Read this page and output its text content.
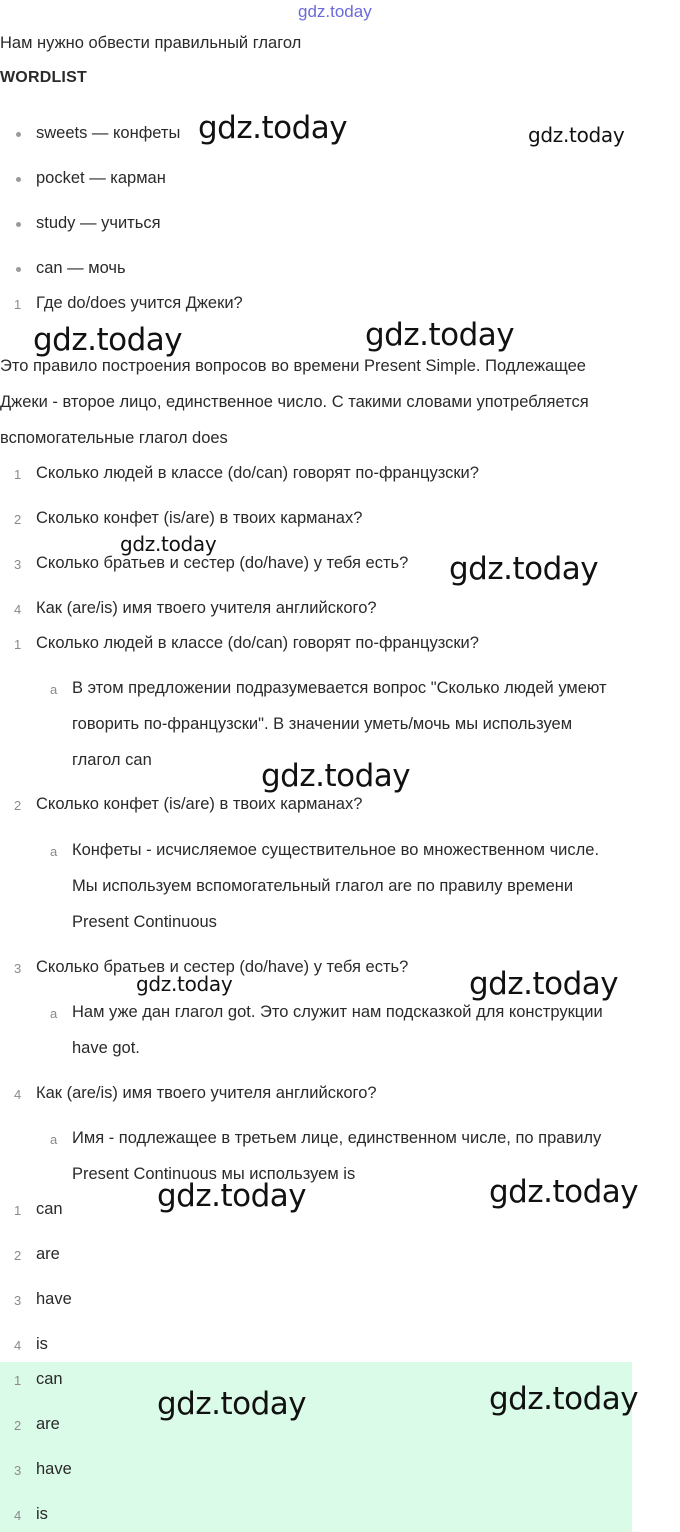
gdz.today
Нам нужно обвести правильный глагол
WORDLIST
sweets — конфеты
pocket — карман
study — учиться
can — мочь
1 Где do/does учится Джеки?
Это правило построения вопросов во времени Present Simple. Подлежащее
Джеки - второе лицо, единственное число. С такими словами употребляется
вспомогательные глагол does
1 Сколько людей в классе (do/can) говорят по-французски?
2 Сколько конфет (is/are) в твоих карманах?
3 Сколько братьев и сестер (do/have) у тебя есть?
4 Как (are/is) имя твоего учителя английского?
1 Сколько людей в классе (do/can) говорят по-французски?
a В этом предложении подразумевается вопрос "Сколько людей умеют
говорить по-французски". В значении уметь/мочь мы используем
глагол can
2 Сколько конфет (is/are) в твоих карманах?
a Конфеты - исчисляемое существительное во множественном числе.
Мы используем вспомогательный глагол are по правилу времени
Present Continuous
3 Сколько братьев и сестер (do/have) у тебя есть?
a Нам уже дан глагол got. Это служит нам подсказкой для конструкции
have got.
4 Как (are/is) имя твоего учителя английского?
a Имя - подлежащее в третьем лице, единственном числе, по правилу
Present Continuous мы используем is
1 can
2 are
3 have
4 is
1 can
2 are
3 have
4 is
gdz.today	gdz.today
gdz.today	gdz.today
gdz.today
gdz.today
gdz.today
gdz.today	gdz.today
gdz.today	gdz.today
gdz.today	gdz.today
